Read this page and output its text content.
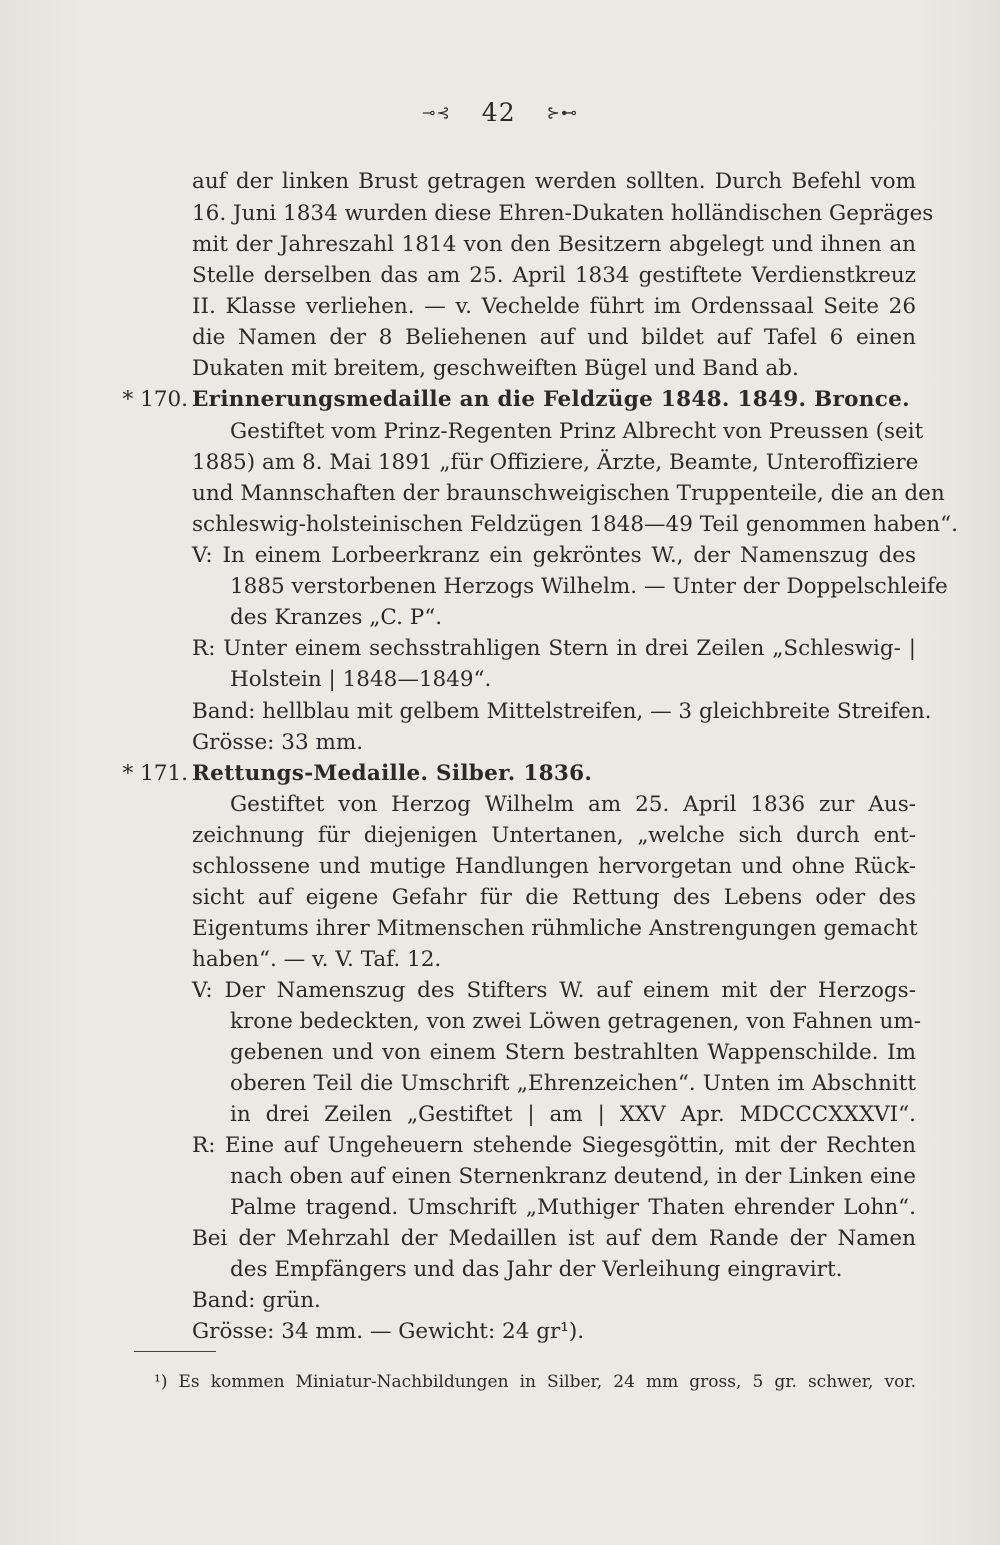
⊸⊰ 42 ⊱⊷
auf der linken Brust getragen werden sollten. Durch Befehl vom
16. Juni 1834 wurden diese Ehren-Dukaten holländischen Gepräges
mit der Jahreszahl 1814 von den Besitzern abgelegt und ihnen an
Stelle derselben das am 25. April 1834 gestiftete Verdienstkreuz
II. Klasse verliehen. — v. Vechelde führt im Ordenssaal Seite 26
die Namen der 8 Beliehenen auf und bildet auf Tafel 6 einen
Dukaten mit breitem, geschweiften Bügel und Band ab.
* 170. Erinnerungsmedaille an die Feldzüge 1848. 1849. Bronce.
Gestiftet vom Prinz-Regenten Prinz Albrecht von Preussen (seit
1885) am 8. Mai 1891 „für Offiziere, Ärzte, Beamte, Unteroffiziere
und Mannschaften der braunschweigischen Truppenteile, die an den
schleswig-holsteinischen Feldzügen 1848—49 Teil genommen haben“.
V: In einem Lorbeerkranz ein gekröntes W., der Namenszug des
1885 verstorbenen Herzogs Wilhelm. — Unter der Doppelschleife
des Kranzes „C. P“.
R: Unter einem sechsstrahligen Stern in drei Zeilen „Schleswig- |
Holstein | 1848—1849“.
Band: hellblau mit gelbem Mittelstreifen, — 3 gleichbreite Streifen.
Grösse: 33 mm.
* 171. Rettungs-Medaille. Silber. 1836.
Gestiftet von Herzog Wilhelm am 25. April 1836 zur Aus-
zeichnung für diejenigen Untertanen, „welche sich durch ent-
schlossene und mutige Handlungen hervorgetan und ohne Rück-
sicht auf eigene Gefahr für die Rettung des Lebens oder des
Eigentums ihrer Mitmenschen rühmliche Anstrengungen gemacht
haben“. — v. V. Taf. 12.
V: Der Namenszug des Stifters W. auf einem mit der Herzogs-
krone bedeckten, von zwei Löwen getragenen, von Fahnen um-
gebenen und von einem Stern bestrahlten Wappenschilde. Im
oberen Teil die Umschrift „Ehrenzeichen“. Unten im Abschnitt
in drei Zeilen „Gestiftet | am | XXV Apr. MDCCCXXXVI“.
R: Eine auf Ungeheuern stehende Siegesgöttin, mit der Rechten
nach oben auf einen Sternenkranz deutend, in der Linken eine
Palme tragend. Umschrift „Muthiger Thaten ehrender Lohn“.
Bei der Mehrzahl der Medaillen ist auf dem Rande der Namen
des Empfängers und das Jahr der Verleihung eingravirt.
Band: grün.
Grösse: 34 mm. — Gewicht: 24 gr¹).
¹) Es kommen Miniatur-Nachbildungen in Silber, 24 mm gross, 5 gr. schwer, vor.
